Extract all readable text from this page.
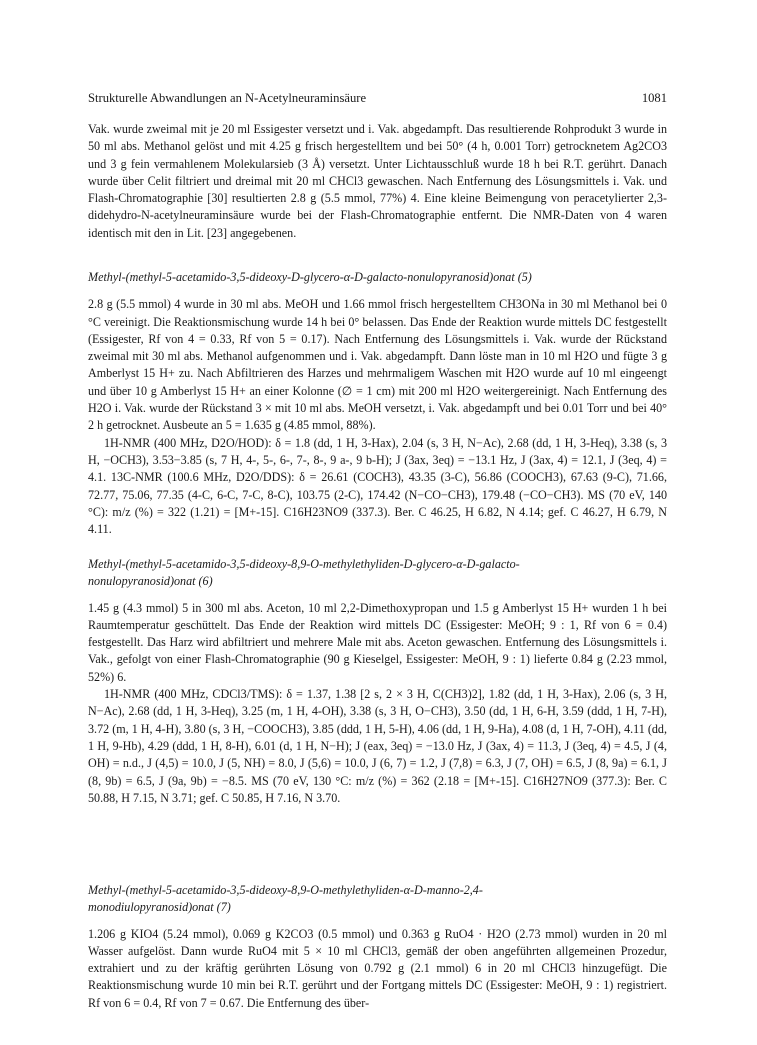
Strukturelle Abwandlungen an N-Acetylneuraminsäure	1081

Vak. wurde zweimal mit je 20 ml Essigester versetzt und i. Vak. abgedampft. Das resultierende Rohprodukt 3 wurde in 50 ml abs. Methanol gelöst und mit 4.25 g frisch hergestelltem und bei 50° (4 h, 0.001 Torr) getrocknetem Ag2CO3 und 3 g fein vermahlenem Molekularsieb (3 Å) versetzt. Unter Lichtausschluß wurde 18 h bei R.T. gerührt. Danach wurde über Celit filtriert und dreimal mit 20 ml CHCl3 gewaschen. Nach Entfernung des Lösungsmittels i. Vak. und Flash-Chromatographie [30] resultierten 2.8 g (5.5 mmol, 77%) 4. Eine kleine Beimengung von peracetylierter 2,3-didehydro-N-acetylneuraminsäure wurde bei der Flash-Chromatographie entfernt. Die NMR-Daten von 4 waren identisch mit den in Lit. [23] angegebenen.

Methyl-(methyl-5-acetamido-3,5-dideoxy-D-glycero-α-D-galacto-nonulopyranosid)onat (5)

2.8 g (5.5 mmol) 4 wurde in 30 ml abs. MeOH und 1.66 mmol frisch hergestelltem CH3ONa in 30 ml Methanol bei 0 °C vereinigt. Die Reaktionsmischung wurde 14 h bei 0° belassen. Das Ende der Reaktion wurde mittels DC festgestellt (Essigester, Rf von 4 = 0.33, Rf von 5 = 0.17). Nach Entfernung des Lösungsmittels i. Vak. wurde der Rückstand zweimal mit 30 ml abs. Methanol aufgenommen und i. Vak. abgedampft. Dann löste man in 10 ml H2O und fügte 3 g Amberlyst 15 H+ zu. Nach Abfiltrieren des Harzes und mehrmaligem Waschen mit H2O wurde auf 10 ml eingeengt und über 10 g Amberlyst 15 H+ an einer Kolonne (∅ = 1 cm) mit 200 ml H2O weitergereinigt. Nach Entfernung des H2O i. Vak. wurde der Rückstand 3 × mit 10 ml abs. MeOH versetzt, i. Vak. abgedampft und bei 0.01 Torr und bei 40° 2 h getrocknet. Ausbeute an 5 = 1.635 g (4.85 mmol, 88%).

1H-NMR (400 MHz, D2O/HOD): δ = 1.8 (dd, 1 H, 3-Hax), 2.04 (s, 3 H, N−Ac), 2.68 (dd, 1 H, 3-Heq), 3.38 (s, 3 H, −OCH3), 3.53−3.85 (s, 7 H, 4-, 5-, 6-, 7-, 8-, 9 a-, 9 b-H); J (3ax, 3eq) = −13.1 Hz, J (3ax, 4) = 12.1, J (3eq, 4) = 4.1. 13C-NMR (100.6 MHz, D2O/DDS): δ = 26.61 (COCH3), 43.35 (3-C), 56.86 (COOCH3), 67.63 (9-C), 71.66, 72.77, 75.06, 77.35 (4-C, 6-C, 7-C, 8-C), 103.75 (2-C), 174.42 (N−CO−CH3), 179.48 (−CO−CH3). MS (70 eV, 140 °C): m/z (%) = 322 (1.21) = [M+-15]. C16H23NO9 (337.3). Ber. C 46.25, H 6.82, N 4.14; gef. C 46.27, H 6.79, N 4.11.

Methyl-(methyl-5-acetamido-3,5-dideoxy-8,9-O-methylethyliden-D-glycero-α-D-galacto-
nonulopyranosid)onat (6)

1.45 g (4.3 mmol) 5 in 300 ml abs. Aceton, 10 ml 2,2-Dimethoxypropan und 1.5 g Amberlyst 15 H+ wurden 1 h bei Raumtemperatur geschüttelt. Das Ende der Reaktion wird mittels DC (Essigester: MeOH; 9 : 1, Rf von 6 = 0.4) festgestellt. Das Harz wird abfiltriert und mehrere Male mit abs. Aceton gewaschen. Entfernung des Lösungsmittels i. Vak., gefolgt von einer Flash-Chromatographie (90 g Kieselgel, Essigester: MeOH, 9 : 1) lieferte 0.84 g (2.23 mmol, 52%) 6.

1H-NMR (400 MHz, CDCl3/TMS): δ = 1.37, 1.38 [2 s, 2 × 3 H, C(CH3)2], 1.82 (dd, 1 H, 3-Hax), 2.06 (s, 3 H, N−Ac), 2.68 (dd, 1 H, 3-Heq), 3.25 (m, 1 H, 4-OH), 3.38 (s, 3 H, O−CH3), 3.50 (dd, 1 H, 6-H, 3.59 (ddd, 1 H, 7-H), 3.72 (m, 1 H, 4-H), 3.80 (s, 3 H, −COOCH3), 3.85 (ddd, 1 H, 5-H), 4.06 (dd, 1 H, 9-Ha), 4.08 (d, 1 H, 7-OH), 4.11 (dd, 1 H, 9-Hb), 4.29 (ddd, 1 H, 8-H), 6.01 (d, 1 H, N−H); J (eax, 3eq) = −13.0 Hz, J (3ax, 4) = 11.3, J (3eq, 4) = 4.5, J (4, OH) = n.d., J (4,5) = 10.0, J (5, NH) = 8.0, J (5,6) = 10.0, J (6, 7) = 1.2, J (7,8) = 6.3, J (7, OH) = 6.5, J (8, 9a) = 6.1, J (8, 9b) = 6.5, J (9a, 9b) = −8.5. MS (70 eV, 130 °C: m/z (%) = 362 (2.18 = [M+-15]. C16H27NO9 (377.3): Ber. C 50.88, H 7.15, N 3.71; gef. C 50.85, H 7.16, N 3.70.

Methyl-(methyl-5-acetamido-3,5-dideoxy-8,9-O-methylethyliden-α-D-manno-2,4-
monodiulopyranosid)onat (7)

1.206 g KIO4 (5.24 mmol), 0.069 g K2CO3 (0.5 mmol) und 0.363 g RuO4 · H2O (2.73 mmol) wurden in 20 ml Wasser aufgelöst. Dann wurde RuO4 mit 5 × 10 ml CHCl3, gemäß der oben angeführten allgemeinen Prozedur, extrahiert und zu der kräftig gerührten Lösung von 0.792 g (2.1 mmol) 6 in 20 ml CHCl3 hinzugefügt. Die Reaktionsmischung wurde 10 min bei R.T. gerührt und der Fortgang mittels DC (Essigester: MeOH, 9 : 1) registriert. Rf von 6 = 0.4, Rf von 7 = 0.67. Die Entfernung des über-
